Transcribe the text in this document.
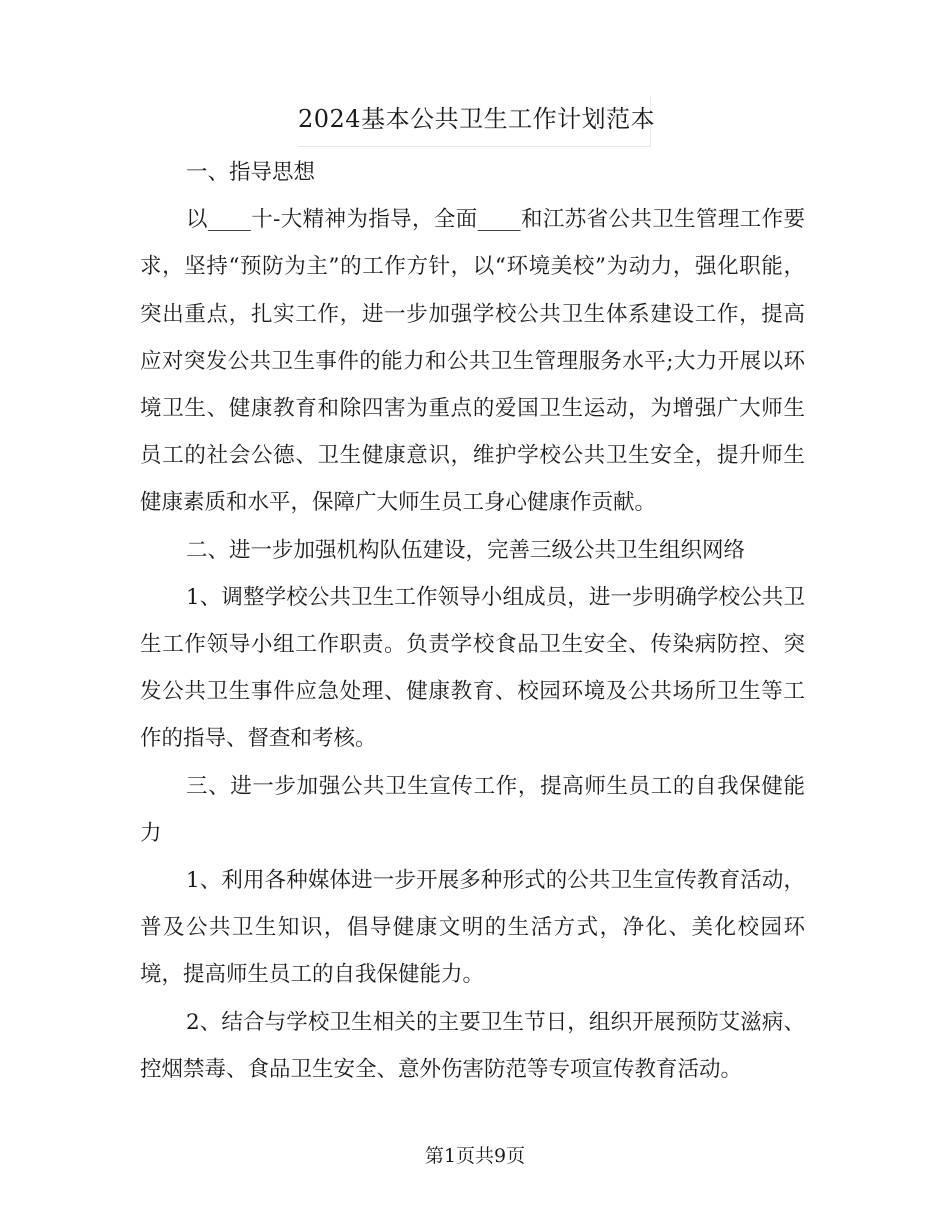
2024基本公共卫生工作计划范本

一、指导思想

以____十-大精神为指导，全面____和江苏省公共卫生管理工作要求，坚持“预防为主”的工作方针，以“环境美校”为动力，强化职能，突出重点，扎实工作，进一步加强学校公共卫生体系建设工作，提高应对突发公共卫生事件的能力和公共卫生管理服务水平;大力开展以环境卫生、健康教育和除四害为重点的爱国卫生运动，为增强广大师生员工的社会公德、卫生健康意识，维护学校公共卫生安全，提升师生健康素质和水平，保障广大师生员工身心健康作贡献。

二、进一步加强机构队伍建设，完善三级公共卫生组织网络

1、调整学校公共卫生工作领导小组成员，进一步明确学校公共卫生工作领导小组工作职责。负责学校食品卫生安全、传染病防控、突发公共卫生事件应急处理、健康教育、校园环境及公共场所卫生等工作的指导、督查和考核。

三、进一步加强公共卫生宣传工作，提高师生员工的自我保健能力

1、利用各种媒体进一步开展多种形式的公共卫生宣传教育活动，普及公共卫生知识，倡导健康文明的生活方式，净化、美化校园环境，提高师生员工的自我保健能力。

2、结合与学校卫生相关的主要卫生节日，组织开展预防艾滋病、控烟禁毒、食品卫生安全、意外伤害防范等专项宣传教育活动。

第1页共9页
